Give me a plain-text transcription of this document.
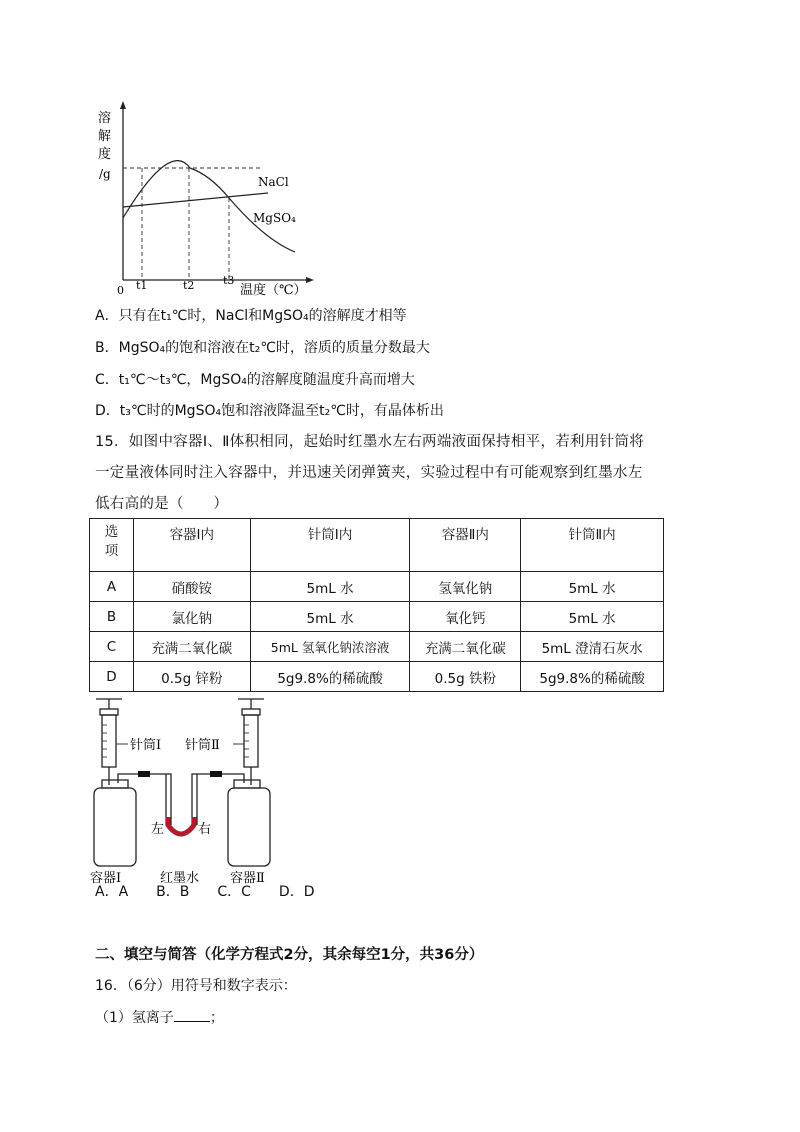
溶
解
度
/g
NaCl
MgSO₄
0 t1	t2	t3
温度（℃）
A．只有在t₁℃时，NaCl和MgSO₄的溶解度才相等
B．MgSO₄的饱和溶液在t₂℃时，溶质的质量分数最大
C．t₁℃～t₃℃，MgSO₄的溶解度随温度升高而增大
D．t₃℃时的MgSO₄饱和溶液降温至t₂℃时，有晶体析出
15．如图中容器Ⅰ、Ⅱ体积相同，起始时红墨水左右两端液面保持相平，若利用针筒将
一定量液体同时注入容器中，并迅速关闭弹簧夹，实验过程中有可能观察到红墨水左
低右高的是（　　）
选
项	容器Ⅰ内	针筒Ⅰ内	容器Ⅱ内	针筒Ⅱ内
A	硝酸铵	5mL 水	氢氧化钠	5mL 水
B	氯化钠	5mL 水	氧化钙	5mL 水
C	充满二氧化碳	5mL 氢氧化钠浓溶液	充满二氧化碳	5mL 澄清石灰水
D	0.5g 锌粉	5g9.8%的稀硫酸	0.5g 铁粉	5g9.8%的稀硫酸
针筒Ⅰ 针筒Ⅱ
左	右
容器Ⅰ	红墨水 容器Ⅱ
A．A　　B．B　　C．C　　D．D
二、填空与简答（化学方程式2分，其余每空1分，共36分）
16．（6分）用符号和数字表示：
（1）氢离子	；
